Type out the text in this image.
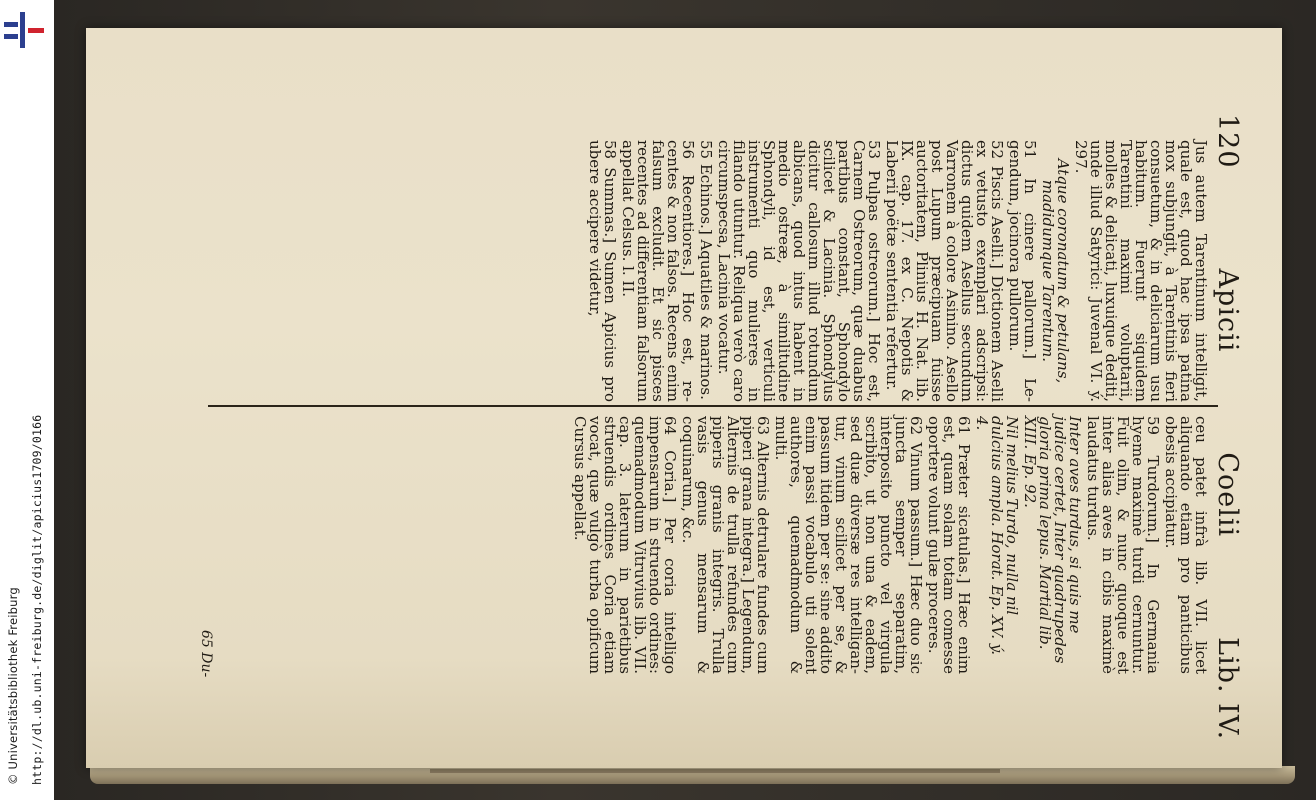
http://dl.ub.uni-freiburg.de/diglit/apicius1709/0166
© Universitätsbibliothek Freiburg
120
Apicii
Coelii
Lib. IV.

Jus autem Tarentinum intelligit, quale est, quod hac ipsa patina mox subjungit, à Tarentinis fieri consuetum, & in deliciarum usu habitum. Fuerunt siquidem Tarentini maximi voluptarii, molles & delicati, luxuique dediti, unde illud Satyrici: Juvenal VI. ý. 297.

Atque coronatum & petulans, madidumque Tarentum.

51 In cinere pallorum.] Legendum, jocinora pullorum.

52 Piscis Aselli.] Dictionem Aselli ex vetusto exemplari adscripsi: dictus quidem Asellus secundum Varronem à colore Asinino. Asello post Lupum præcipuam fuisse auctoritatem, Plinius H. Nat. lib. IX. cap. 17. ex C. Nepotis & Laberii poëtæ sententia refertur.

53 Pulpas ostreorum.] Hoc est, Carnem Ostreorum, quæ duabus partibus constant, Sphondylo scilicet & Lacinia. Sphondylus dicitur callosum illud rotundum albicans, quod intus habent in medio ostreæ, à similitudine Sphondyli, id est, verticuli instrumenti quo mulieres in filando utuntur. Reliqua verò caro circumspecsa, Lacinia vocatur.

55 Echinos.] Aquatiles & marinos.

56 Recentiores.] Hoc est, recentes & non falsos. Recens enim falsum excludit. Et sic pisces recentes ad differentiam falsorum appellat Celsus. l. II.

58 Summas.] Sumen Apicius pro ubere accipere videtur,

ceu patet infrà lib. VII. licet aliquando etiam pro panticibus obesis accipiatur.

59 Turdorum.] In Germania hyeme maximè turdi cernuntur. Fuit olim, & nunc quoque est inter alias aves in cibis maximè laudatus turdus.

Inter aves turdus, si quis me judice certet, Inter quadrupedes gloria prima lepus. Martial lib. XIII. Ep. 92.

Nil melius Turdo, nulla nil dulcius ampla. Horat. Ep. XV. ý. 4.

61 Præter sicatulas.] Hæc enim est, quam solam totam comesse oportere volunt gulæ proceres.

62 Vinum passum.] Hæc duo sic juncta semper separatim, interposito puncto vel virgula scribito, ut non una & eadem, sed duæ diversæ res intelligantur, vinum scilicet per se, & passum itidem per se: sine addito enim passi vocabulo uti solent authores, quemadmodum & multi.

63 Alternis detrulare fundes cum piperi grana integra.] Legendum, Alternis de trulla refundes cum piperis granis integris. Trulla vasis genus mensarum & coquinarum, &c.

64 Coria.] Per coria intelligo impensarum in struendo ordines: quemadmodum Vitruvius lib. VII. cap. 3. laterum in parietibus struendis ordines Coria etiam vocat, quæ vulgò turba opificum Cursus appellat.

65 Du-
